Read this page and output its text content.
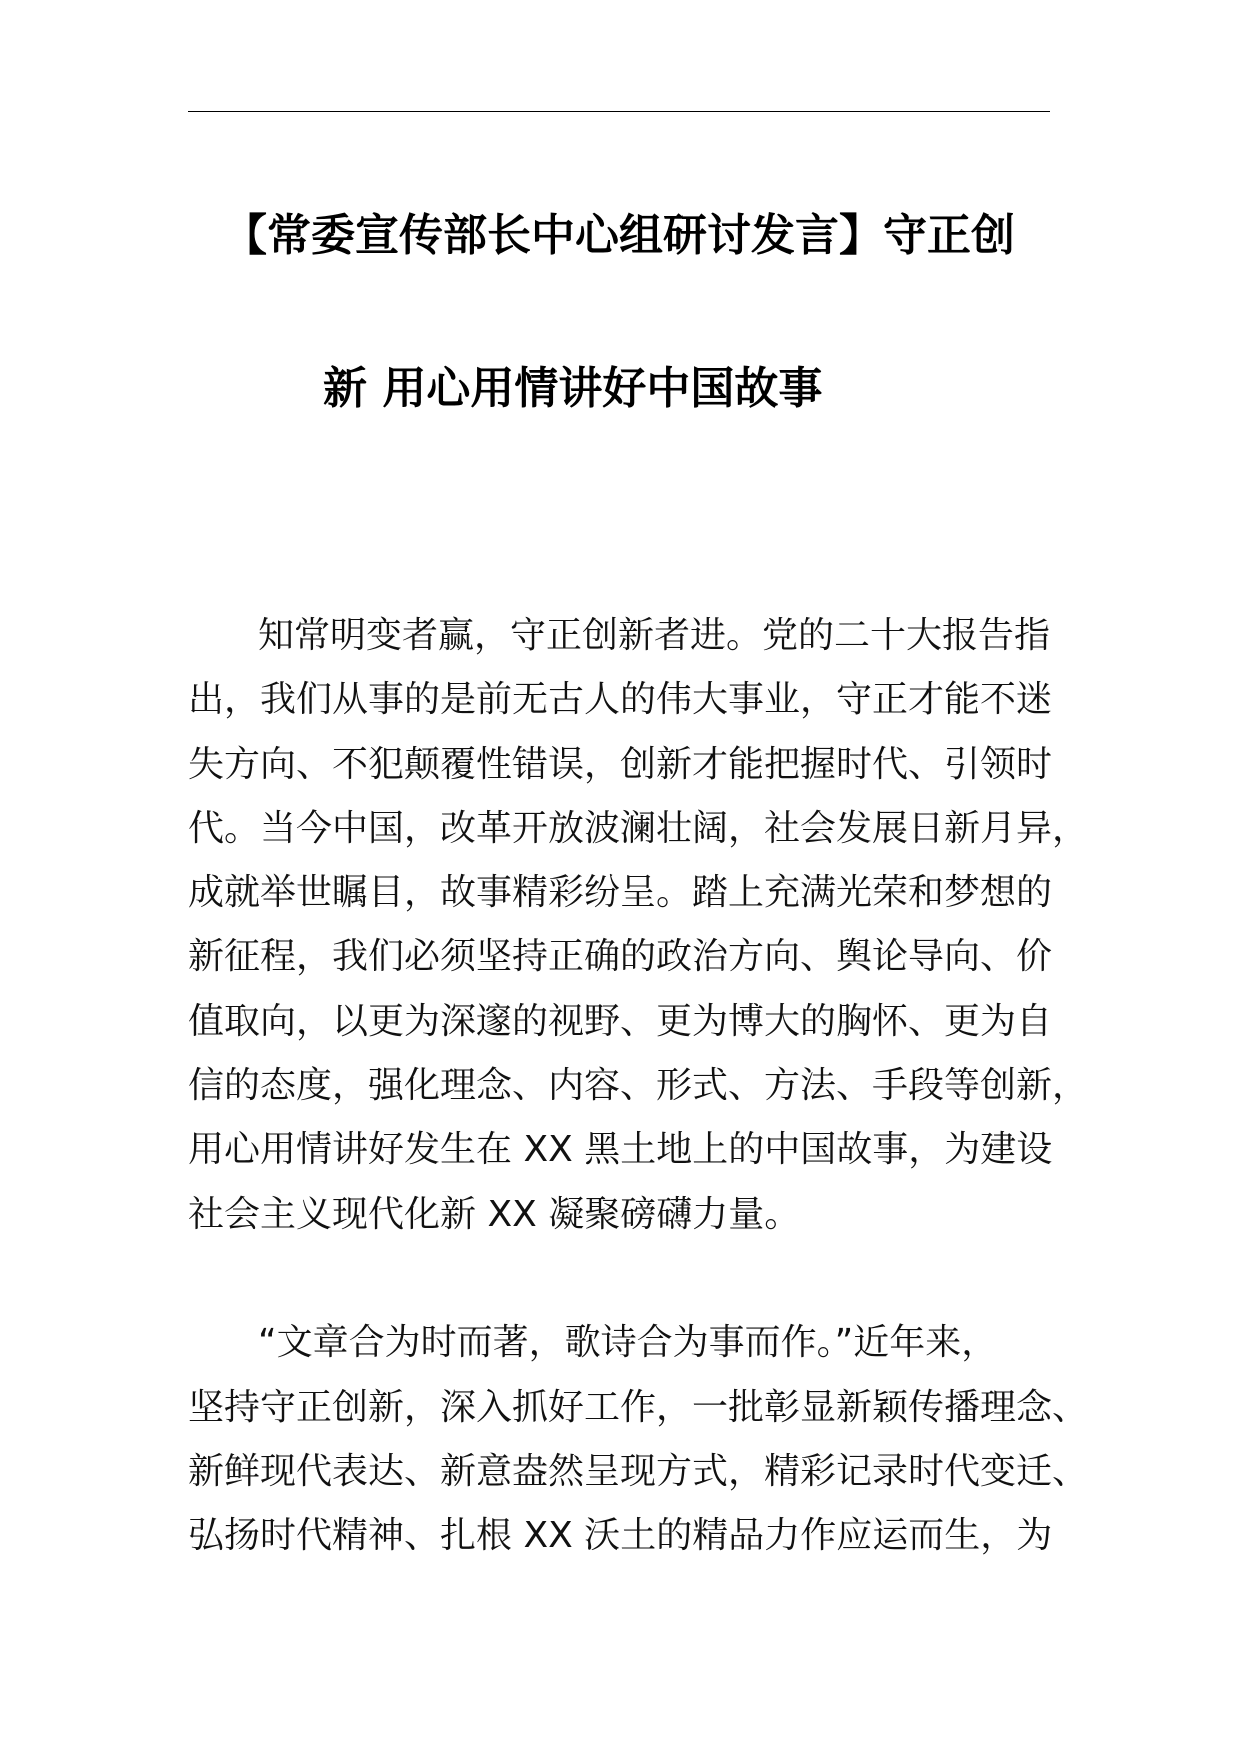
【常委宣传部长中心组研讨发言】守正创
新 用心用情讲好中国故事
知常明变者赢，守正创新者进。党的二十大报告指
出，我们从事的是前无古人的伟大事业，守正才能不迷
失方向、不犯颠覆性错误，创新才能把握时代、引领时
代。当今中国，改革开放波澜壮阔，社会发展日新月异，
成就举世瞩目，故事精彩纷呈。踏上充满光荣和梦想的
新征程，我们必须坚持正确的政治方向、舆论导向、价
值取向，以更为深邃的视野、更为博大的胸怀、更为自
信的态度，强化理念、内容、形式、方法、手段等创新，
用心用情讲好发生在 XX 黑土地上的中国故事，为建设
社会主义现代化新 XX 凝聚磅礴力量。
“文章合为时而著，歌诗合为事而作。”近年来，
坚持守正创新，深入抓好工作，一批彰显新颖传播理念、
新鲜现代表达、新意盎然呈现方式，精彩记录时代变迁、
弘扬时代精神、扎根 XX 沃土的精品力作应运而生，为
